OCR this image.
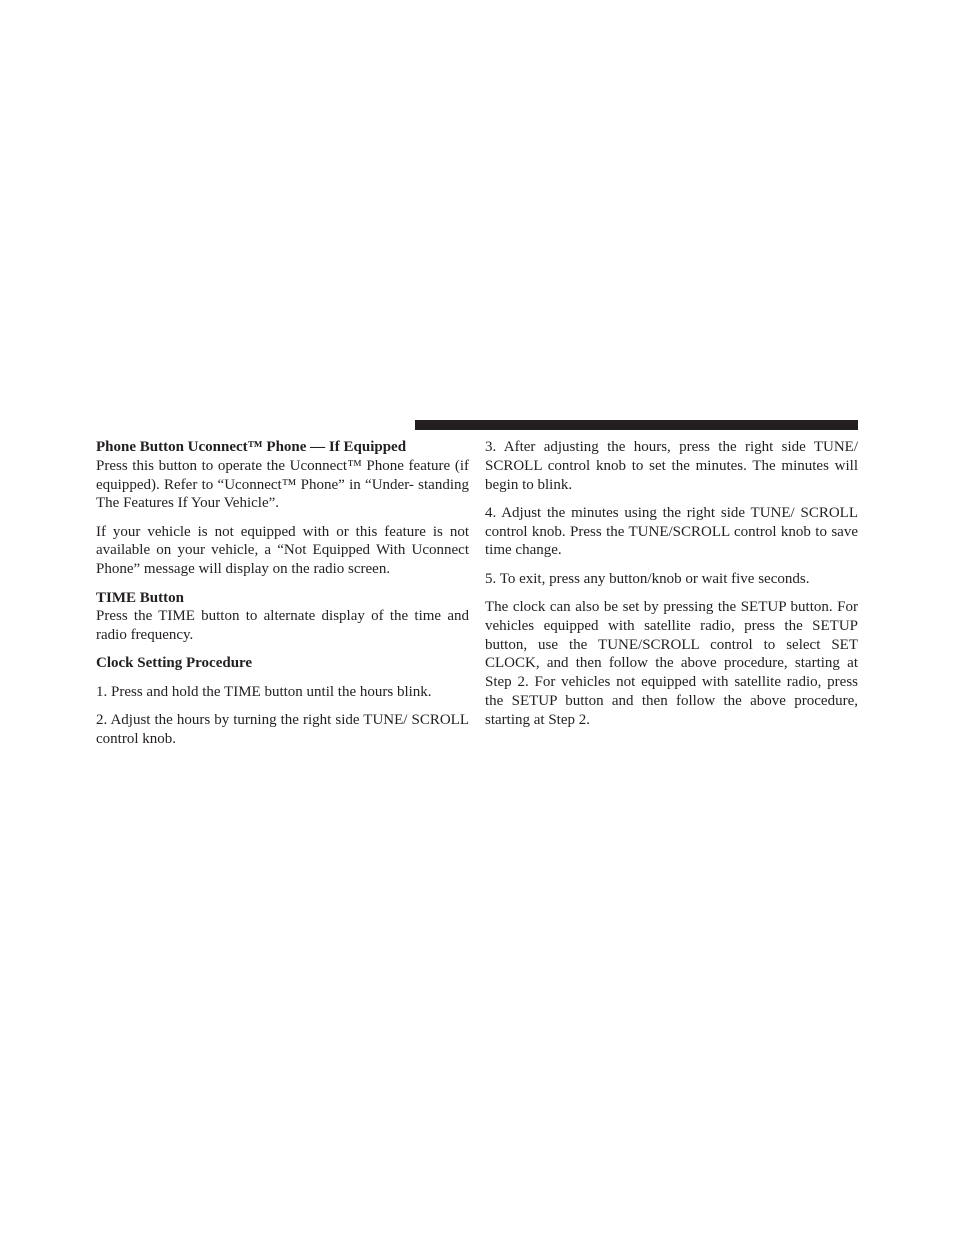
Phone Button Uconnect™ Phone — If Equipped

Press this button to operate the Uconnect™ Phone feature (if equipped). Refer to “Uconnect™ Phone” in “Under- standing The Features If Your Vehicle”.

If your vehicle is not equipped with or this feature is not available on your vehicle, a “Not Equipped With Uconnect Phone” message will display on the radio screen.

TIME Button

Press the TIME button to alternate display of the time and radio frequency.

Clock Setting Procedure

1. Press and hold the TIME button until the hours blink.

2. Adjust the hours by turning the right side TUNE/ SCROLL control knob.

3. After adjusting the hours, press the right side TUNE/ SCROLL control knob to set the minutes. The minutes will begin to blink.

4. Adjust the minutes using the right side TUNE/ SCROLL control knob. Press the TUNE/SCROLL control knob to save time change.

5. To exit, press any button/knob or wait five seconds.

The clock can also be set by pressing the SETUP button. For vehicles equipped with satellite radio, press the SETUP button, use the TUNE/SCROLL control to select SET CLOCK, and then follow the above procedure, starting at Step 2. For vehicles not equipped with satellite radio, press the SETUP button and then follow the above procedure, starting at Step 2.
